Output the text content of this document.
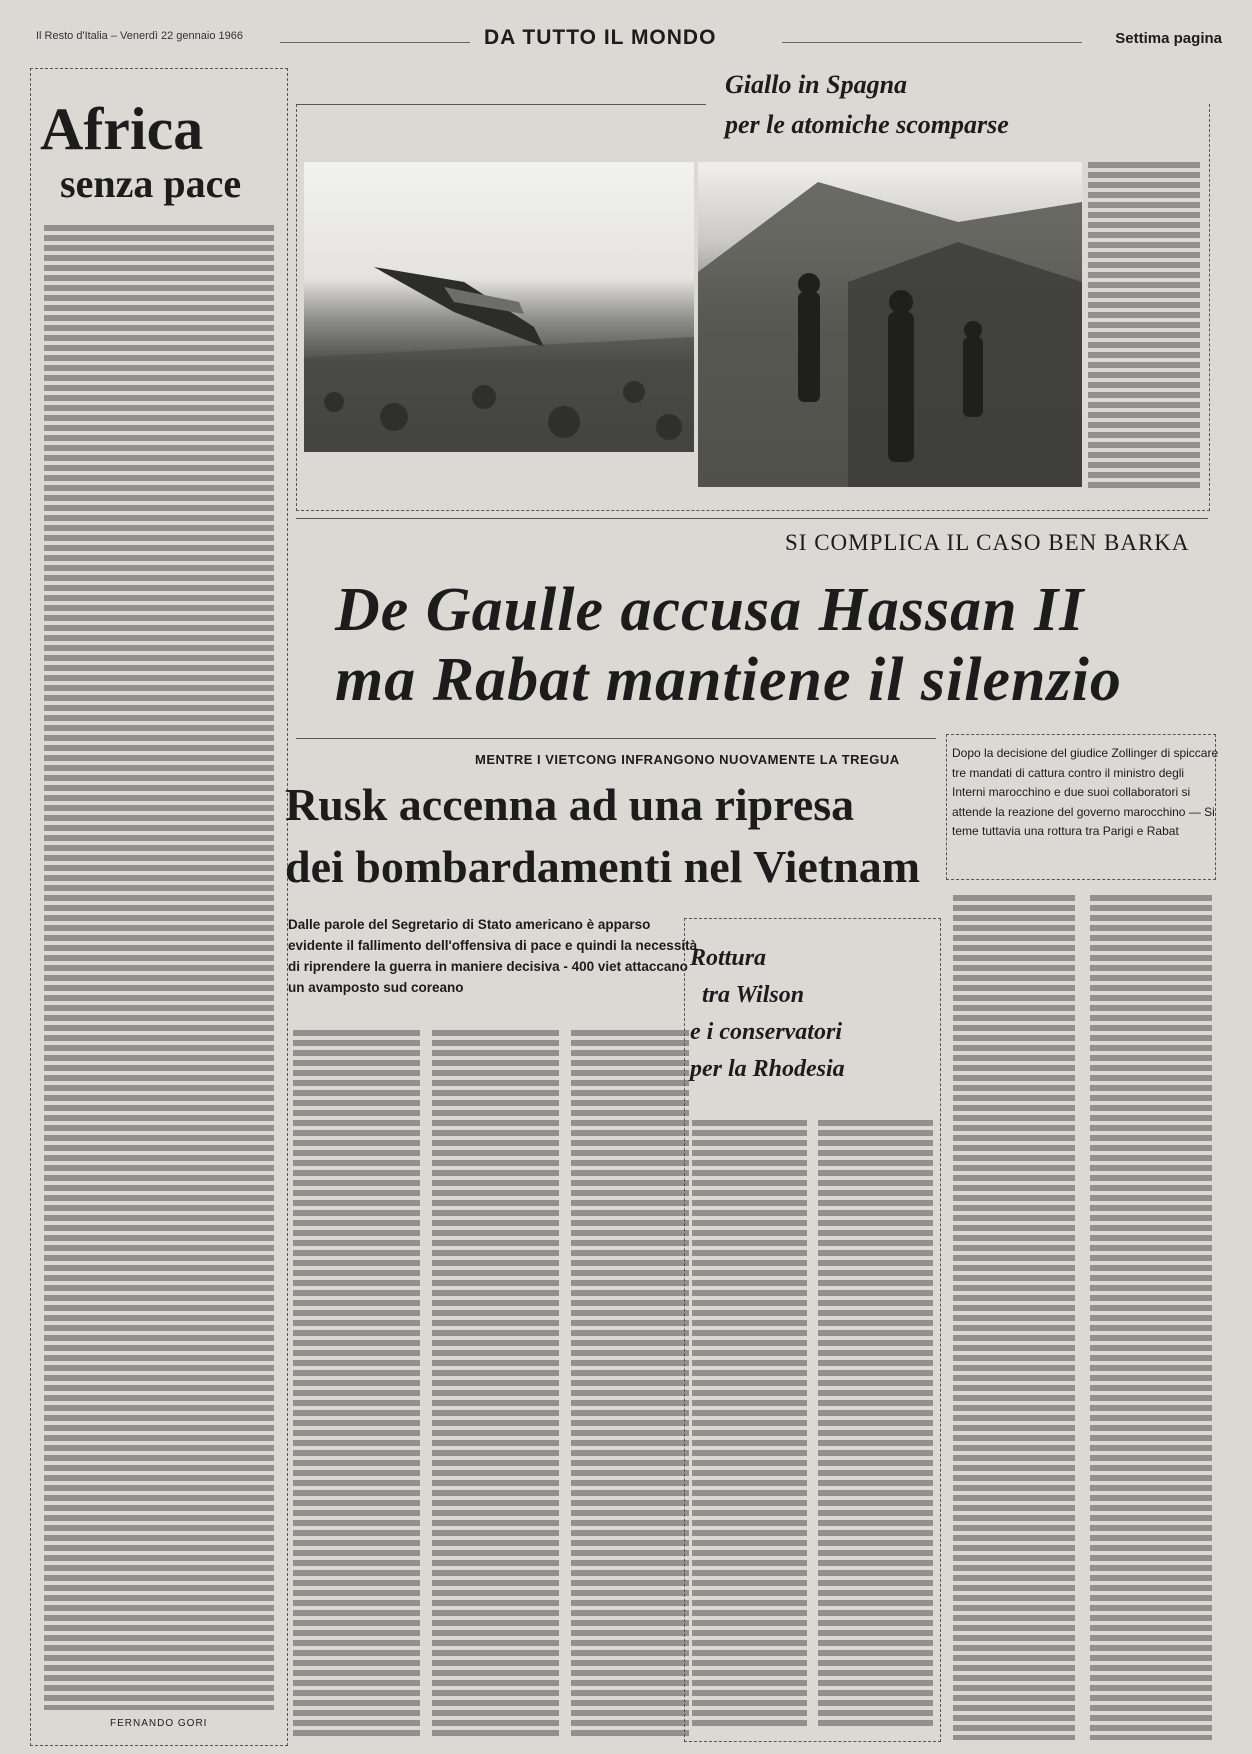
Il Resto d'Italia – Venerdì 22 gennaio 1966	DA TUTTO IL MONDO	Settima pagina
Africa
senza pace
FERNANDO GORI
Giallo in Spagna
per le atomiche scomparse
SI COMPLICA IL CASO BEN BARKA
De Gaulle accusa Hassan II
ma Rabat mantiene il silenzio
MENTRE I VIETCONG INFRANGONO NUOVAMENTE LA TREGUA
Rusk accenna ad una ripresa
dei bombardamenti nel Vietnam
Dalle parole del Segretario di Stato americano è apparso evidente il fallimento dell'offensiva di pace e quindi la necessità di riprendere la guerra in maniere decisiva - 400 viet attaccano un avamposto sud coreano
Dopo la decisione del giudice Zollinger di spiccare tre mandati di cattura contro il ministro degli Interni marocchino e due suoi collaboratori si attende la reazione del governo marocchino — Si teme tuttavia una rottura tra Parigi e Rabat
Rottura
tra Wilson
e i conservatori
per la Rhodesia
